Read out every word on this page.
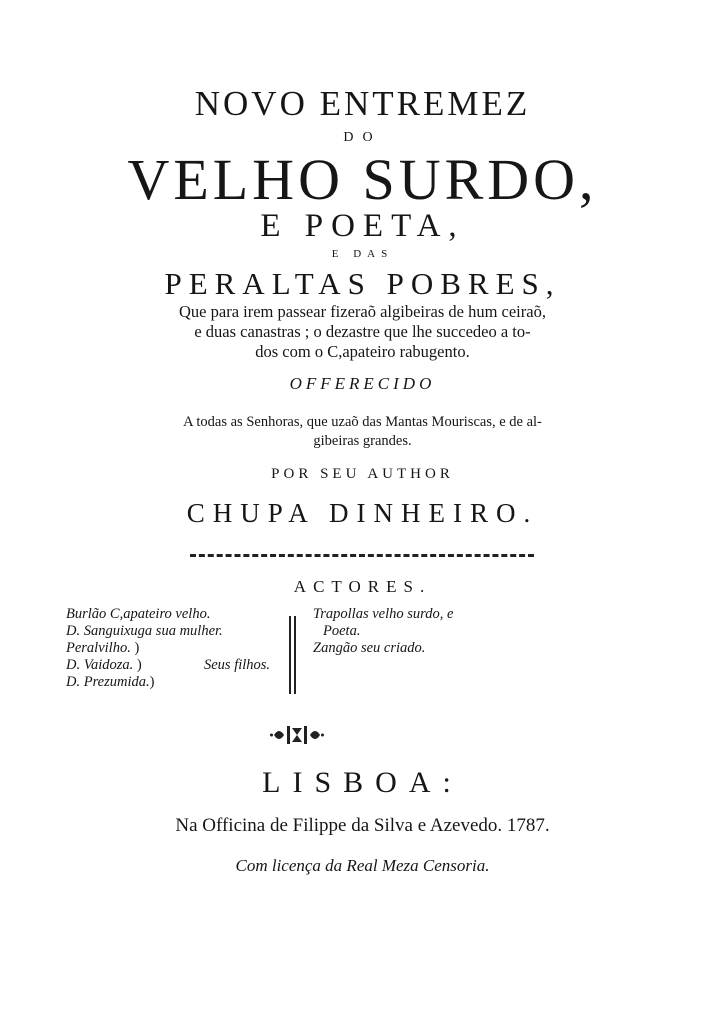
NOVO ENTREMEZ
DO
VELHO SURDO,
E POETA,
E DAS
PERALTAS POBRES,
Que para irem passear fizeraõ algibeiras de hum ceiraõ,
e duas canastras ; o dezastre que lhe succedeo a to-
dos com o C,apateiro rabugento.
OFFERECIDO
A todas as Senhoras, que uzaõ das Mantas Mouriscas, e de al-
gibeiras grandes.
POR SEU AUTHOR
CHUPA DINHEIRO.
ACTORES.
Burlão C,apateiro velho.
D. Sanguixuga sua mulher.
Peralvilho. )
D. Vaidoza. )
D. Prezumida.)
Seus filhos.
Trapollas velho surdo, e
Poeta.
Zangão seu criado.
LISBOA:
Na Officina de Filippe da Silva e Azevedo. 1787.
Com licença da Real Meza Censoria.
